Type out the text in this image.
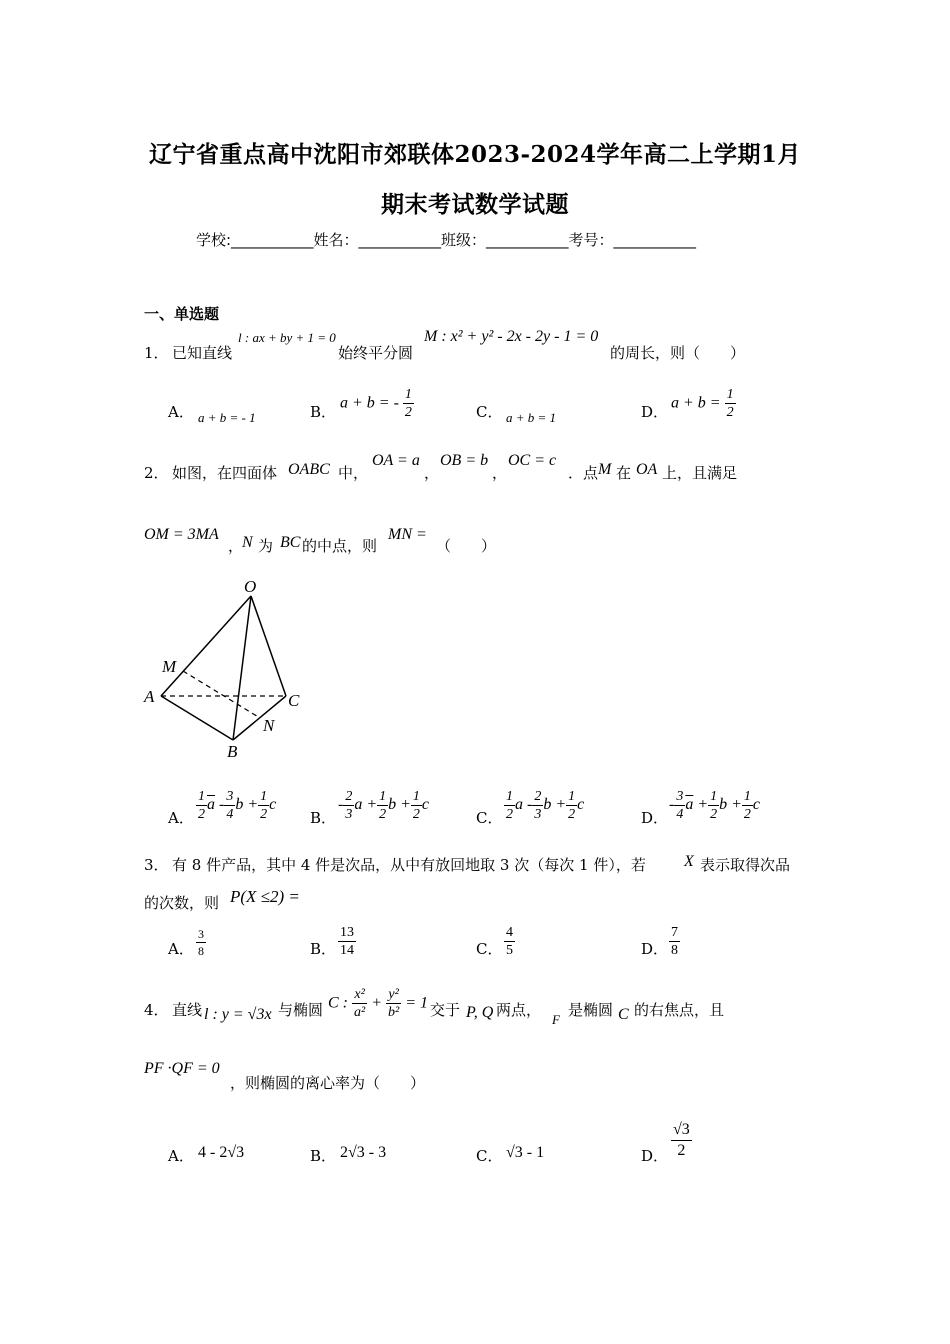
辽宁省重点高中沈阳市郊联体2023-2024学年高二上学期1月
期末考试数学试题
学校:___________姓名：___________班级：___________考号：___________
一、单选题
1． 已知直线
l : ax + by + 1 = 0
始终平分圆
M : x² + y² - 2x - 2y - 1 = 0
的周长，则（　　）
A． a + b = - 1	B． a + b = - $\frac{1}{2}$	C． a + b = 1	D． $a + b = \frac{1}{2}$
2． 如图，在四面体 OABC 中，
OA = a
，
OB = b
，
OC = c
．点 M 在 OA 上，且满足
OM = 3MA
，
N 为 BC 的中点，则
MN =
（　　）
O
M
A	C
N
B
A． $\frac{1}{2} \overline{a} - \frac{3}{4}$ $b + \frac{1}{2}$ c
B．
- $\frac{2}{3}$ $a + \frac{1}{2}$ $b + \frac{1}{2}$ c
C． $\frac{1}{2}$ a - $\frac{2}{3}$ $b + \frac{1}{2}$ c
D．
- $\frac{3}{4} \overline{a} + \frac{1}{2}$ $b + \frac{1}{2}$ c
3． 有 8 件产品，其中 4 件是次品，从中有放回地取 3 次（每次 1 件），若 X 表示取得次品
的次数，则 P(X ≤2) =
A．
3
8	B．
13
14	C．
4
5	D．
7
8
4． 直线 l : y = √3x 与椭圆 C : $\frac{\text{x²}}{\text{a²}} + \frac{\text{y²}}{\text{b²}} = 1$ 交于 P, Q 两点，
F
是椭圆 C 的右焦点，且
PF ·QF = 0
，则椭圆的离心率为（　　）
A． 4 - 2√3	B． 2√3 - 3	C． √3 - 1	D．
√3
2
